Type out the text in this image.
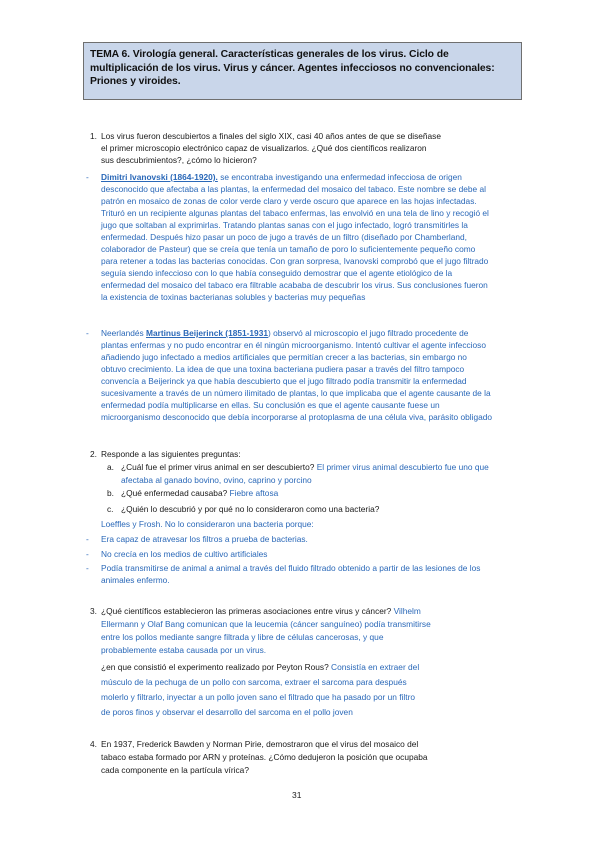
TEMA 6. Virología general. Características generales de los virus. Ciclo de multiplicación de los virus. Virus y cáncer. Agentes infecciosos no convencionales: Priones y viroides.
1. Los virus fueron descubiertos a finales del siglo XIX, casi 40 años antes de que se diseñase
el primer microscopio electrónico capaz de visualizarlos. ¿Qué dos científicos realizaron
sus descubrimientos?, ¿cómo lo hicieron?
- Dimitri Ivanovski (1864-1920). se encontraba investigando una enfermedad infecciosa de origen
desconocido que afectaba a las plantas, la enfermedad del mosaico del tabaco. Este nombre se debe al
patrón en mosaico de zonas de color verde claro y verde oscuro que aparece en las hojas infectadas.
Trituró en un recipiente algunas plantas del tabaco enfermas, las envolvió en una tela de lino y recogió el
jugo que soltaban al exprimirlas. Tratando plantas sanas con el jugo infectado, logró transmitirles la
enfermedad. Después hizo pasar un poco de jugo a través de un filtro (diseñado por Chamberland,
colaborador de Pasteur) que se creía que tenía un tamaño de poro lo suficientemente pequeño como
para retener a todas las bacterias conocidas. Con gran sorpresa, Ivanovski comprobó que el jugo filtrado
seguía siendo infeccioso con lo que había conseguido demostrar que el agente etiológico de la
enfermedad del mosaico del tabaco era filtrable acababa de descubrir los virus. Sus conclusiones fueron
la existencia de toxinas bacterianas solubles y bacterias muy pequeñas
- Neerlandés Martinus Beijerinck (1851-1931) observó al microscopio el jugo filtrado procedente de
plantas enfermas y no pudo encontrar en él ningún microorganismo. Intentó cultivar el agente infeccioso
añadiendo jugo infectado a medios artificiales que permitían crecer a las bacterias, sin embargo no
obtuvo crecimiento. La idea de que una toxina bacteriana pudiera pasar a través del filtro tampoco
convencía a Beijerinck ya que había descubierto que el jugo filtrado podía transmitir la enfermedad
sucesivamente a través de un número ilimitado de plantas, lo que implicaba que el agente causante de la
enfermedad podía multiplicarse en ellas. Su conclusión es que el agente causante fuese un
microorganismo desconocido que debía incorporarse al protoplasma de una célula viva, parásito obligado
2. Responde a las siguientes preguntas:
a. ¿Cuál fue el primer virus animal en ser descubierto? El primer virus animal descubierto fue uno que
afectaba al ganado bovino, ovino, caprino y porcino
b. ¿Qué enfermedad causaba? Fiebre aftosa
c. ¿Quién lo descubrió y por qué no lo consideraron como una bacteria?
Loeffles y Frosh. No lo consideraron una bacteria porque:
- Era capaz de atravesar los filtros a prueba de bacterias.
- No crecía en los medios de cultivo artificiales
- Podía transmitirse de animal a animal a través del fluido filtrado obtenido a partir de las lesiones de los
animales enfermo.
3. ¿Qué científicos establecieron las primeras asociaciones entre virus y cáncer? Vilhelm
Ellermann y Olaf Bang comunican que la leucemia (cáncer sanguíneo) podía transmitirse
entre los pollos mediante sangre filtrada y libre de células cancerosas, y que
probablemente estaba causada por un virus.
¿en que consistió el experimento realizado por Peyton Rous? Consistía en extraer del
músculo de la pechuga de un pollo con sarcoma, extraer el sarcoma para después
molerlo y filtrarlo, inyectar a un pollo joven sano el filtrado que ha pasado por un filtro
de poros finos y observar el desarrollo del sarcoma en el pollo joven
4. En 1937, Frederick Bawden y Norman Pirie, demostraron que el virus del mosaico del
tabaco estaba formado por ARN y proteínas. ¿Cómo dedujeron la posición que ocupaba
cada componente en la partícula vírica?
31
